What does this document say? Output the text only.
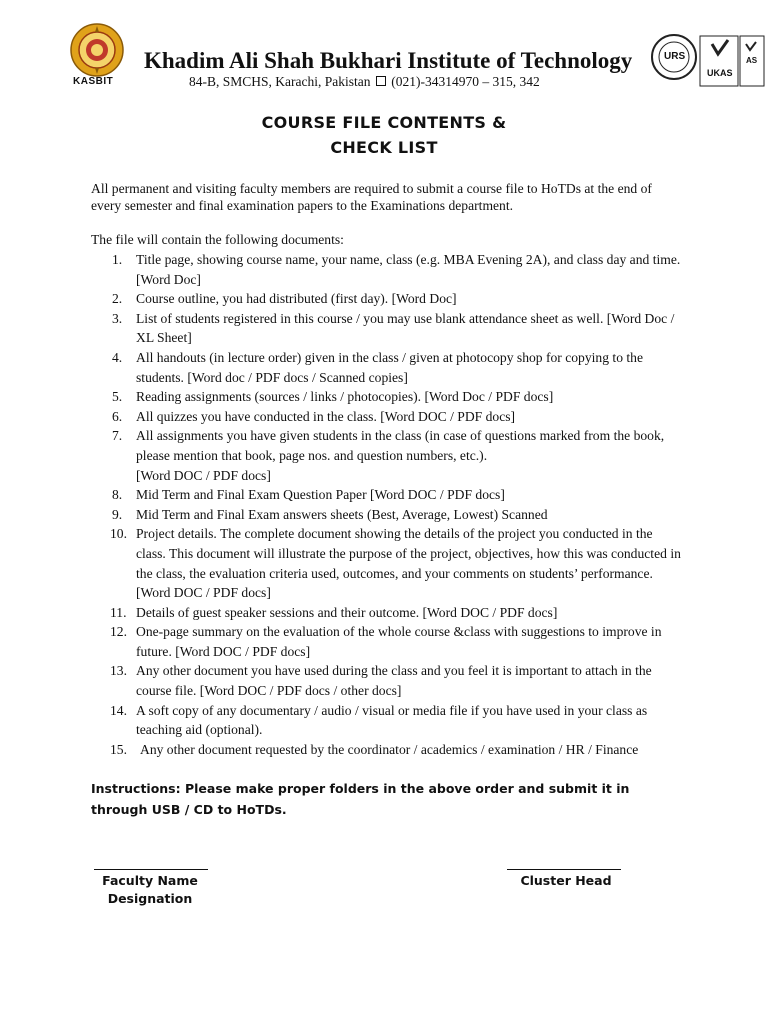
KASBIT
Khadim Ali Shah Bukhari Institute of Technology
84-B, SMCHS, Karachi, Pakistan (021)-34314970 – 315, 342
URS
UKAS
AS
COURSE FILE CONTENTS &
CHECK LIST
All permanent and visiting faculty members are required to submit a course file to HoTDs at the end of every semester and final examination papers to the Examinations department.
The file will contain the following documents:
1. Title page, showing course name, your name, class (e.g. MBA Evening 2A), and class day and time. [Word Doc]
2. Course outline, you had distributed (first day). [Word Doc]
3. List of students registered in this course / you may use blank attendance sheet as well. [Word Doc / XL Sheet]
4. All handouts (in lecture order) given in the class / given at photocopy shop for copying to the students. [Word doc / PDF docs / Scanned copies]
5. Reading assignments (sources / links / photocopies). [Word Doc / PDF docs]
6. All quizzes you have conducted in the class. [Word DOC / PDF docs]
7. All assignments you have given students in the class (in case of questions marked from the book, please mention that book, page nos. and question numbers, etc.).
[Word DOC / PDF docs]
8. Mid Term and Final Exam Question Paper [Word DOC / PDF docs]
9. Mid Term and Final Exam answers sheets (Best, Average, Lowest) Scanned
10. Project details. The complete document showing the details of the project you conducted in the class. This document will illustrate the purpose of the project, objectives, how this was conducted in the class, the evaluation criteria used, outcomes, and your comments on students’ performance. [Word DOC / PDF docs]
11. Details of guest speaker sessions and their outcome. [Word DOC / PDF docs]
12. One-page summary on the evaluation of the whole course &class with suggestions to improve in future. [Word DOC / PDF docs]
13. Any other document you have used during the class and you feel it is important to attach in the course file. [Word DOC / PDF docs / other docs]
14. A soft copy of any documentary / audio / visual or media file if you have used in your class as teaching aid (optional).
15. Any other document requested by the coordinator / academics / examination / HR / Finance
Instructions: Please make proper folders in the above order and submit it in through USB / CD to HoTDs.
Faculty Name
Designation
Cluster Head
